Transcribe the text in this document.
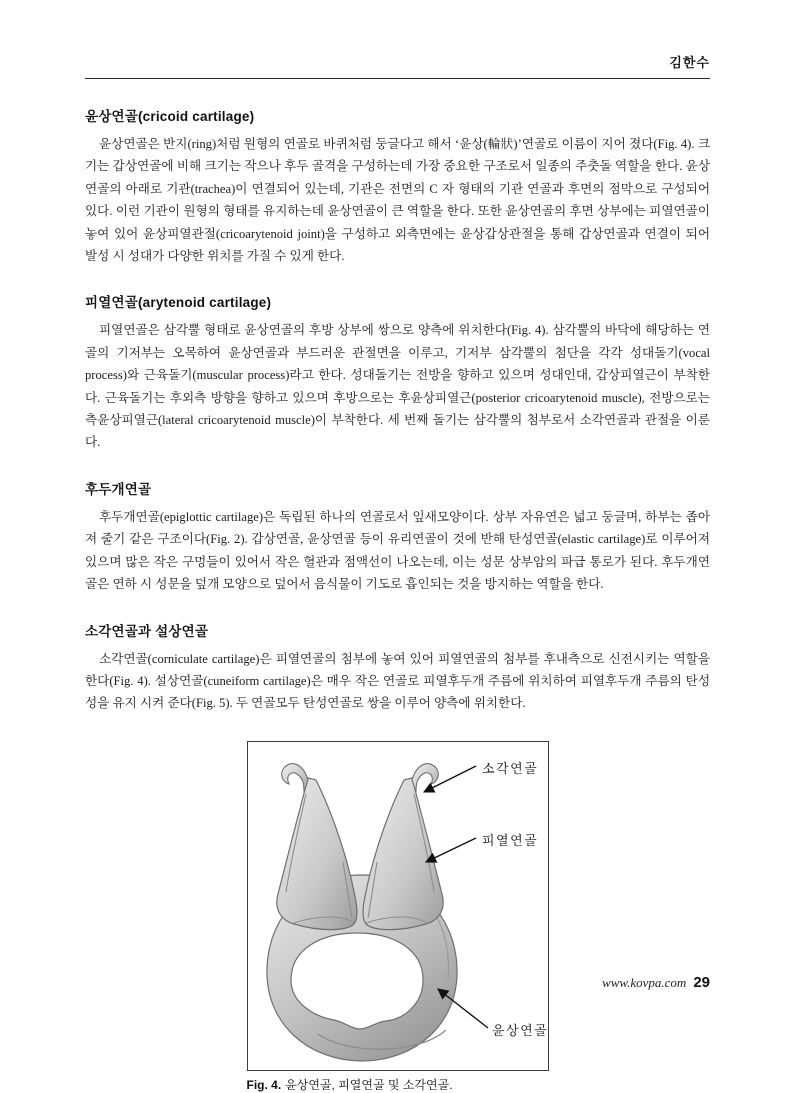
김한수
윤상연골(cricoid cartilage)

윤상연골은 반지(ring)처럼 원형의 연골로 바퀴처럼 둥글다고 해서 ‘윤상(輪狀)’연골로 이름이 지어 졌다(Fig. 4). 크기는 갑상연골에 비해 크기는 작으나 후두 골격을 구성하는데 가장 중요한 구조로서 일종의 주춧돌 역할을 한다. 윤상연골의 아래로 기관(trachea)이 연결되어 있는데, 기관은 전면의 C 자 형태의 기관 연골과 후면의 점막으로 구성되어 있다. 이런 기관이 원형의 형태를 유지하는데 윤상연골이 큰 역할을 한다. 또한 윤상연골의 후면 상부에는 피열연골이 놓여 있어 윤상피열관절(cricoarytenoid joint)을 구성하고 외측면에는 윤상갑상관절을 통해 갑상연골과 연결이 되어 발성 시 성대가 다양한 위치를 가질 수 있게 한다.

피열연골(arytenoid cartilage)

피열연골은 삼각뿔 형태로 윤상연골의 후방 상부에 쌍으로 양측에 위치한다(Fig. 4). 삼각뿔의 바닥에 해당하는 연골의 기저부는 오목하여 윤상연골과 부드러운 관절면을 이루고, 기저부 삼각뿔의 첨단을 각각 성대돌기(vocal process)와 근육돌기(muscular process)라고 한다. 성대돌기는 전방을 향하고 있으며 성대인대, 갑상피열근이 부착한다. 근육돌기는 후외측 방향을 향하고 있으며 후방으로는 후윤상피열근(posterior cricoarytenoid muscle), 전방으로는 측윤상피열근(lateral cricoarytenoid muscle)이 부착한다. 세 번째 돌기는 삼각뿔의 첨부로서 소각연골과 관절을 이룬다.

후두개연골

후두개연골(epiglottic cartilage)은 독립된 하나의 연골로서 잎새모양이다. 상부 자유연은 넓고 둥글며, 하부는 좁아져 줄기 같은 구조이다(Fig. 2). 갑상연골, 윤상연골 등이 유리연골이 것에 반해 탄성연골(elastic cartilage)로 이루어져 있으며 많은 작은 구멍들이 있어서 작은 혈관과 점액선이 나오는데, 이는 성문 상부암의 파급 통로가 된다. 후두개연골은 연하 시 성문을 덮개 모양으로 덮어서 음식물이 기도로 흡인되는 것을 방지하는 역할을 한다.

소각연골과 설상연골

소각연골(corniculate cartilage)은 피열연골의 첨부에 놓여 있어 피열연골의 첨부를 후내측으로 신전시키는 역할을 한다(Fig. 4). 설상연골(cuneiform cartilage)은 매우 작은 연골로 피열후두개 주름에 위치하여 피열후두개 주름의 탄성성을 유지 시켜 준다(Fig. 5). 두 연골모두 탄성연골로 쌍을 이루어 양측에 위치한다.

소각연골
피열연골
윤상연골
Fig. 4. 윤상연골, 피열연골 및 소각연골.
www.kovpa.com 29
